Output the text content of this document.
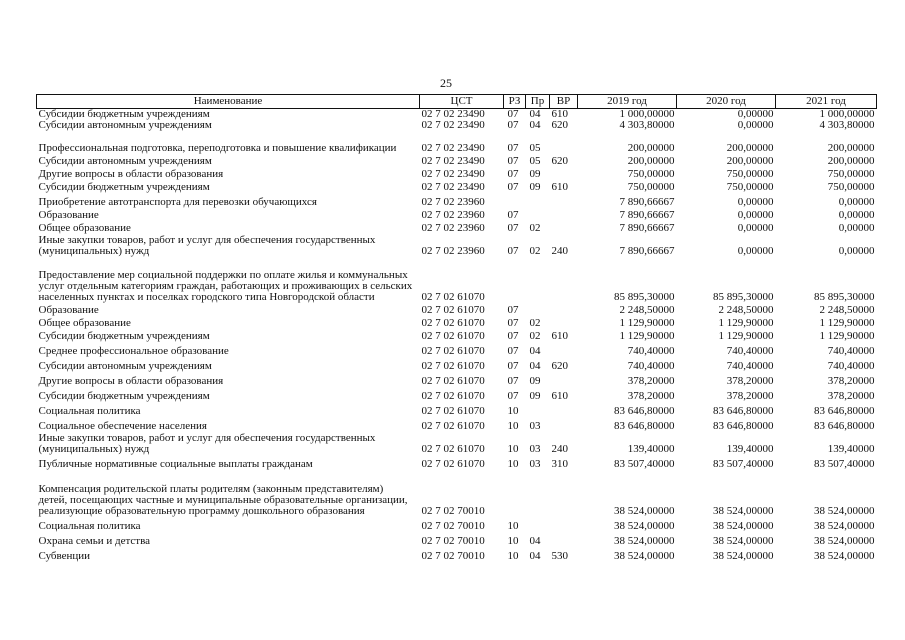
25
Наименование	ЦСТ	РЗ	Пр	ВР	2019 год	2020 год	2021 год
Субсидии бюджетным учреждениям	02 7 02 23490	07	04	610	1 000,00000	0,00000	1 000,00000
Субсидии автономным учреждениям	02 7 02 23490	07	04	620	4 303,80000	0,00000	4 303,80000
Профессиональная подготовка, переподготовка и повышение квалификации	02 7 02 23490	07	05		200,00000	200,00000	200,00000
Субсидии автономным учреждениям	02 7 02 23490	07	05	620	200,00000	200,00000	200,00000
Другие вопросы в области образования	02 7 02 23490	07	09		750,00000	750,00000	750,00000
Субсидии бюджетным учреждениям	02 7 02 23490	07	09	610	750,00000	750,00000	750,00000
Приобретение автотранспорта для перевозки обучающихся	02 7 02 23960				7 890,66667	0,00000	0,00000
Образование	02 7 02 23960	07			7 890,66667	0,00000	0,00000
Общее образование	02 7 02 23960	07	02		7 890,66667	0,00000	0,00000
Иные закупки товаров, работ и услуг для обеспечения государственных (муниципальных) нужд	02 7 02 23960	07	02	240	7 890,66667	0,00000	0,00000
Предоставление мер социальной поддержки по оплате жилья и коммунальных услуг отдельным категориям граждан, работающих и проживающих в сельских населенных пунктах и поселках городского типа Новгородской области	02 7 02 61070				85 895,30000	85 895,30000	85 895,30000
Образование	02 7 02 61070	07			2 248,50000	2 248,50000	2 248,50000
Общее образование	02 7 02 61070	07	02		1 129,90000	1 129,90000	1 129,90000
Субсидии бюджетным учреждениям	02 7 02 61070	07	02	610	1 129,90000	1 129,90000	1 129,90000
Среднее профессиональное образование	02 7 02 61070	07	04		740,40000	740,40000	740,40000
Субсидии автономным учреждениям	02 7 02 61070	07	04	620	740,40000	740,40000	740,40000
Другие вопросы в области образования	02 7 02 61070	07	09		378,20000	378,20000	378,20000
Субсидии бюджетным учреждениям	02 7 02 61070	07	09	610	378,20000	378,20000	378,20000
Социальная политика	02 7 02 61070	10			83 646,80000	83 646,80000	83 646,80000
Социальное обеспечение населения	02 7 02 61070	10	03		83 646,80000	83 646,80000	83 646,80000
Иные закупки товаров, работ и услуг для обеспечения государственных (муниципальных) нужд	02 7 02 61070	10	03	240	139,40000	139,40000	139,40000
Публичные нормативные социальные выплаты гражданам	02 7 02 61070	10	03	310	83 507,40000	83 507,40000	83 507,40000
Компенсация родительской платы родителям (законным представителям) детей, посещающих частные и муниципальные образовательные организации, реализующие образовательную программу дошкольного образования	02 7 02 70010				38 524,00000	38 524,00000	38 524,00000
Социальная политика	02 7 02 70010	10			38 524,00000	38 524,00000	38 524,00000
Охрана семьи и детства	02 7 02 70010	10	04		38 524,00000	38 524,00000	38 524,00000
Субвенции	02 7 02 70010	10	04	530	38 524,00000	38 524,00000	38 524,00000
